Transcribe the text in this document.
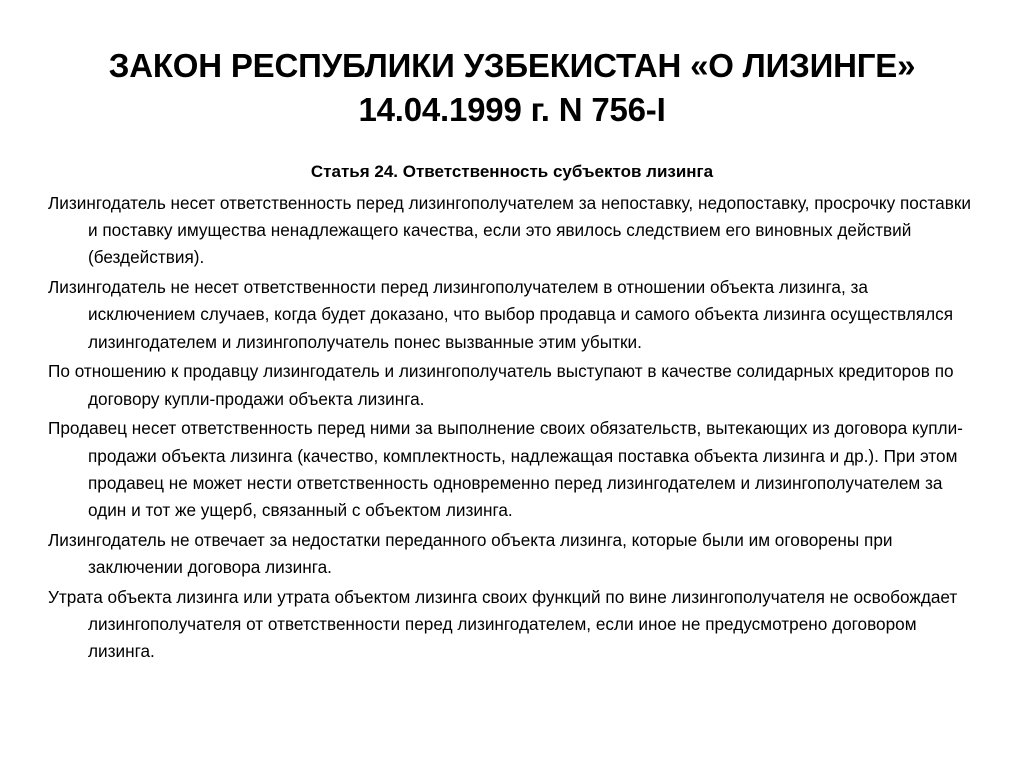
ЗАКОН РЕСПУБЛИКИ УЗБЕКИСТАН «О ЛИЗИНГЕ»
14.04.1999 г. N 756-I
Статья 24. Ответственность субъектов лизинга

Лизингодатель несет ответственность перед лизингополучателем за непоставку, недопоставку, просрочку поставки и поставку имущества ненадлежащего качества, если это явилось следствием его виновных действий (бездействия).

Лизингодатель не несет ответственности перед лизингополучателем в отношении объекта лизинга, за исключением случаев, когда будет доказано, что выбор продавца и самого объекта лизинга осуществлялся лизингодателем и лизингополучатель понес вызванные этим убытки.

По отношению к продавцу лизингодатель и лизингополучатель выступают в качестве солидарных кредиторов по договору купли-продажи объекта лизинга.

Продавец несет ответственность перед ними за выполнение своих обязательств, вытекающих из договора купли-продажи объекта лизинга (качество, комплектность, надлежащая поставка объекта лизинга и др.). При этом продавец не может нести ответственность одновременно перед лизингодателем и лизингополучателем за один и тот же ущерб, связанный с объектом лизинга.

Лизингодатель не отвечает за недостатки переданного объекта лизинга, которые были им оговорены при заключении договора лизинга.

Утрата объекта лизинга или утрата объектом лизинга своих функций по вине лизингополучателя не освобождает лизингополучателя от ответственности перед лизингодателем, если иное не предусмотрено договором лизинга.
